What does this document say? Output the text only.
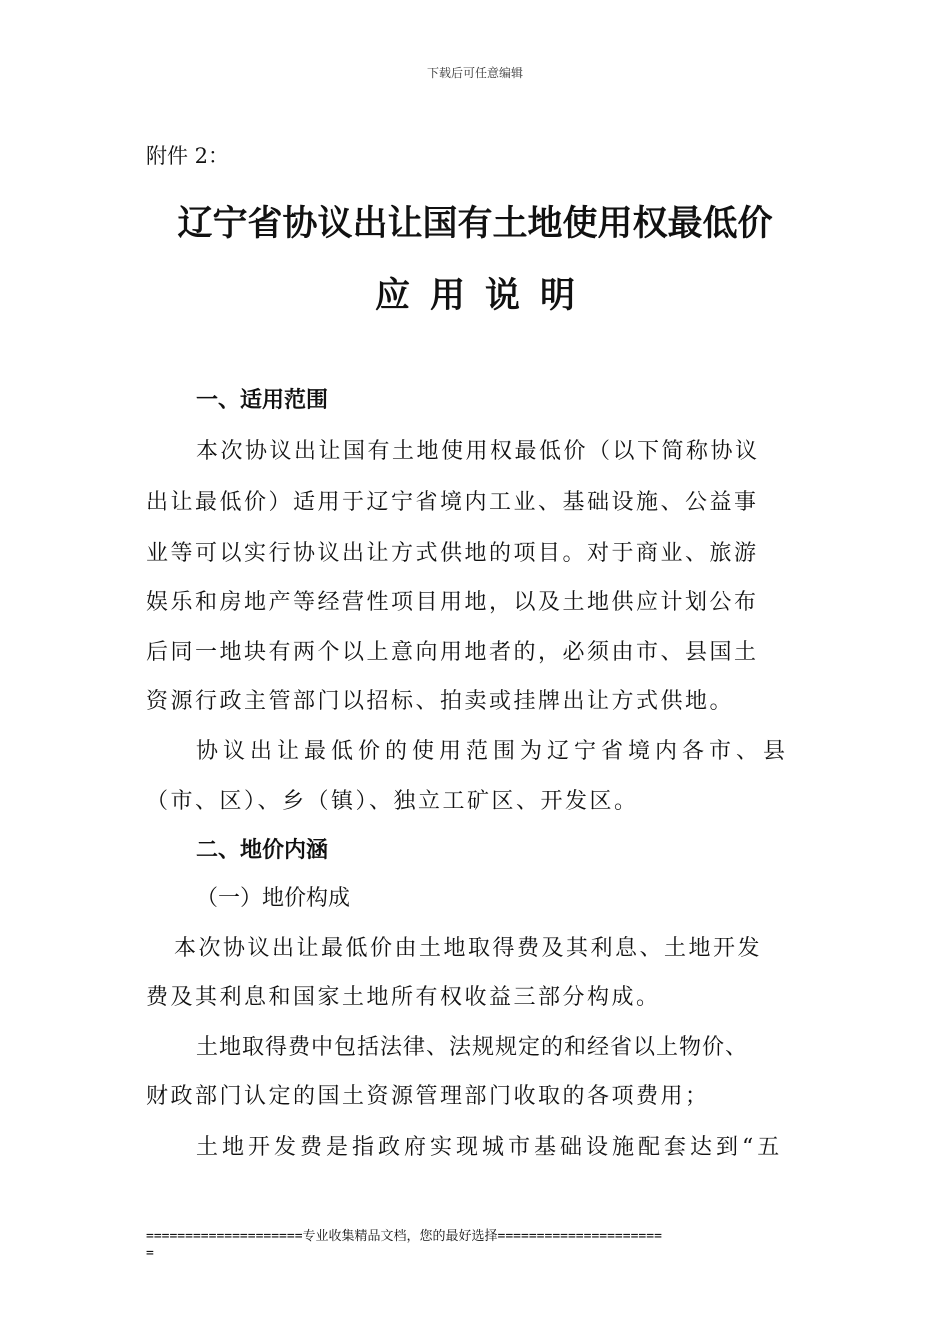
下载后可任意编辑
附件 2：
辽宁省协议出让国有土地使用权最低价
应用说明
一、适用范围
本次协议出让国有土地使用权最低价（以下简称协议
出让最低价）适用于辽宁省境内工业、基础设施、公益事
业等可以实行协议出让方式供地的项目。对于商业、旅游
娱乐和房地产等经营性项目用地，以及土地供应计划公布
后同一地块有两个以上意向用地者的，必须由市、县国土
资源行政主管部门以招标、拍卖或挂牌出让方式供地。
协议出让最低价的使用范围为辽宁省境内各市、县
（市、区）、乡（镇）、独立工矿区、开发区。
二、地价内涵
（一）地价构成
本次协议出让最低价由土地取得费及其利息、土地开发
费及其利息和国家土地所有权收益三部分构成。
土地取得费中包括法律、法规规定的和经省以上物价、
财政部门认定的国土资源管理部门收取的各项费用；
土地开发费是指政府实现城市基础设施配套达到“五
====================专业收集精品文档，您的最好选择=====================
=
